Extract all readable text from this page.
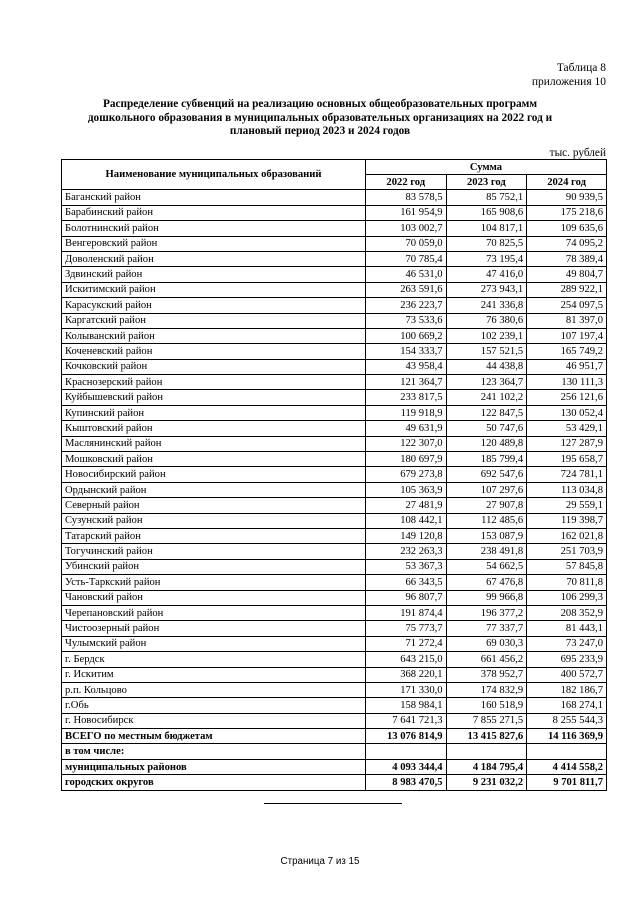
Таблица 8
приложения 10
Распределение субвенций на реализацию основных общеобразовательных программ дошкольного образования в муниципальных образовательных организациях на 2022 год и плановый период 2023 и 2024 годов
тыс. рублей
Наименование муниципальных образований	Сумма		
	2022 год	2023 год	2024 год
Баганский район	83 578,5	85 752,1	90 939,5
Барабинский район	161 954,9	165 908,6	175 218,6
Болотнинский район	103 002,7	104 817,1	109 635,6
Венгеровский район	70 059,0	70 825,5	74 095,2
Доволенский район	70 785,4	73 195,4	78 389,4
Здвинский район	46 531,0	47 416,0	49 804,7
Искитимский район	263 591,6	273 943,1	289 922,1
Карасукский район	236 223,7	241 336,8	254 097,5
Каргатский район	73 533,6	76 380,6	81 397,0
Колыванский район	100 669,2	102 239,1	107 197,4
Коченевский район	154 333,7	157 521,5	165 749,2
Кочковский район	43 958,4	44 438,8	46 951,7
Краснозерский район	121 364,7	123 364,7	130 111,3
Куйбышевский район	233 817,5	241 102,2	256 121,6
Купинский район	119 918,9	122 847,5	130 052,4
Кыштовский район	49 631,9	50 747,6	53 429,1
Маслянинский район	122 307,0	120 489,8	127 287,9
Мошковский район	180 697,9	185 799,4	195 658,7
Новосибирский район	679 273,8	692 547,6	724 781,1
Ордынский район	105 363,9	107 297,6	113 034,8
Северный район	27 481,9	27 907,8	29 559,1
Сузунский район	108 442,1	112 485,6	119 398,7
Татарский район	149 120,8	153 087,9	162 021,8
Тогучинский район	232 263,3	238 491,8	251 703,9
Убинский район	53 367,3	54 662,5	57 845,8
Усть-Таркский район	66 343,5	67 476,8	70 811,8
Чановский район	96 807,7	99 966,8	106 299,3
Черепановский район	191 874,4	196 377,2	208 352,9
Чистоозерный район	75 773,7	77 337,7	81 443,1
Чулымский район	71 272,4	69 030,3	73 247,0
г. Бердск	643 215,0	661 456,2	695 233,9
г. Искитим	368 220,1	378 952,7	400 572,7
р.п. Кольцово	171 330,0	174 832,9	182 186,7
г.Обь	158 984,1	160 518,9	168 274,1
г. Новосибирск	7 641 721,3	7 855 271,5	8 255 544,3
ВСЕГО по местным бюджетам	13 076 814,9	13 415 827,6	14 116 369,9
в том числе:			
муниципальных районов	4 093 344,4	4 184 795,4	4 414 558,2
городских округов	8 983 470,5	9 231 032,2	9 701 811,7
Страница 7 из 15
